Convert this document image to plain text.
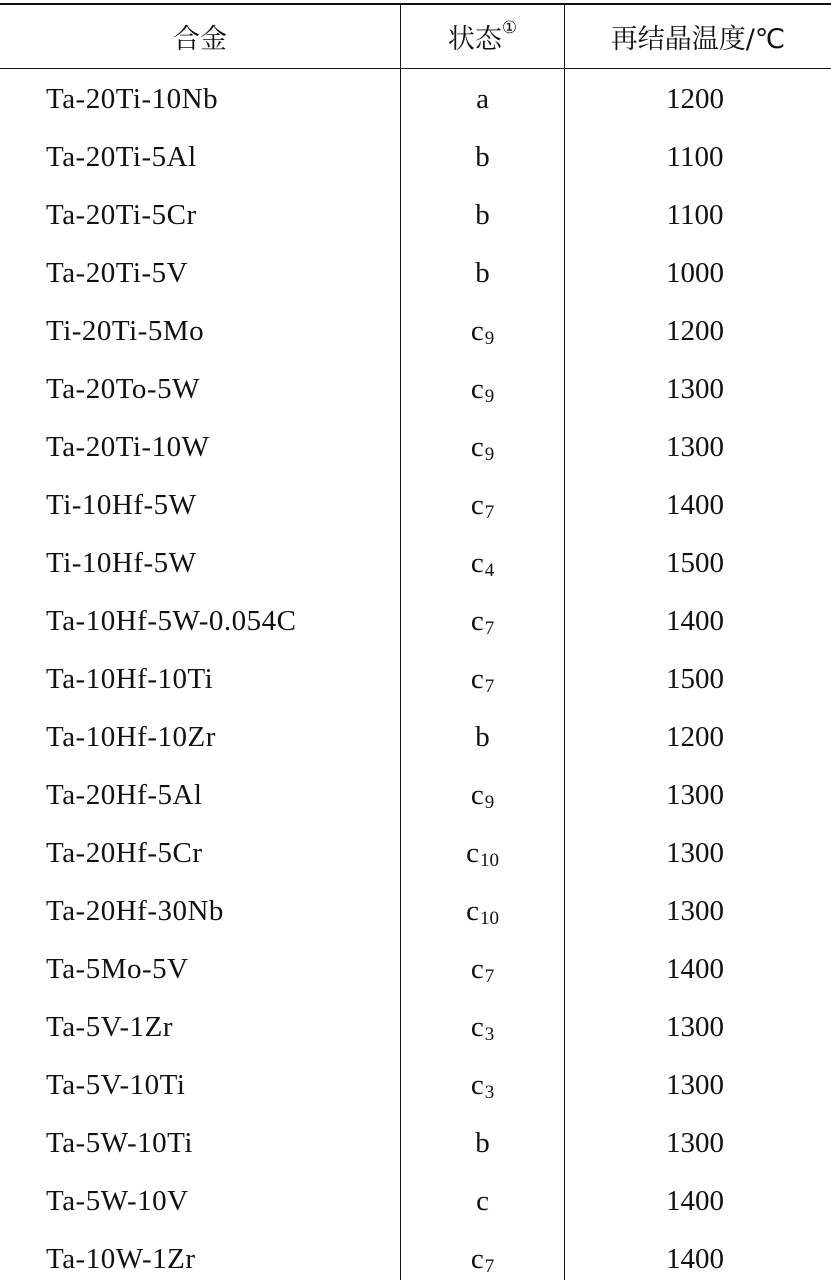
合金	状态①	再结晶温度/℃
Ta-20Ti-10Nb	a	1200
Ta-20Ti-5Al	b	1100
Ta-20Ti-5Cr	b	1100
Ta-20Ti-5V	b	1000
Ti-20Ti-5Mo	c 9	1200
Ta-20To-5W	c 9	1300
Ta-20Ti-10W	c 9	1300
Ti-10Hf-5W	c 7	1400
Ti-10Hf-5W	c 4	1500
Ta-10Hf-5W-0.054C	c 7	1400
Ta-10Hf-10Ti	c 7	1500
Ta-10Hf-10Zr	b	1200
Ta-20Hf-5Al	c 9	1300
Ta-20Hf-5Cr	c 10	1300
Ta-20Hf-30Nb	c 10	1300
Ta-5Mo-5V	c 7	1400
Ta-5V-1Zr	c 3	1300
Ta-5V-10Ti	c 3	1300
Ta-5W-10Ti	b	1300
Ta-5W-10V	c	1400
Ta-10W-1Zr	c 7	1400
